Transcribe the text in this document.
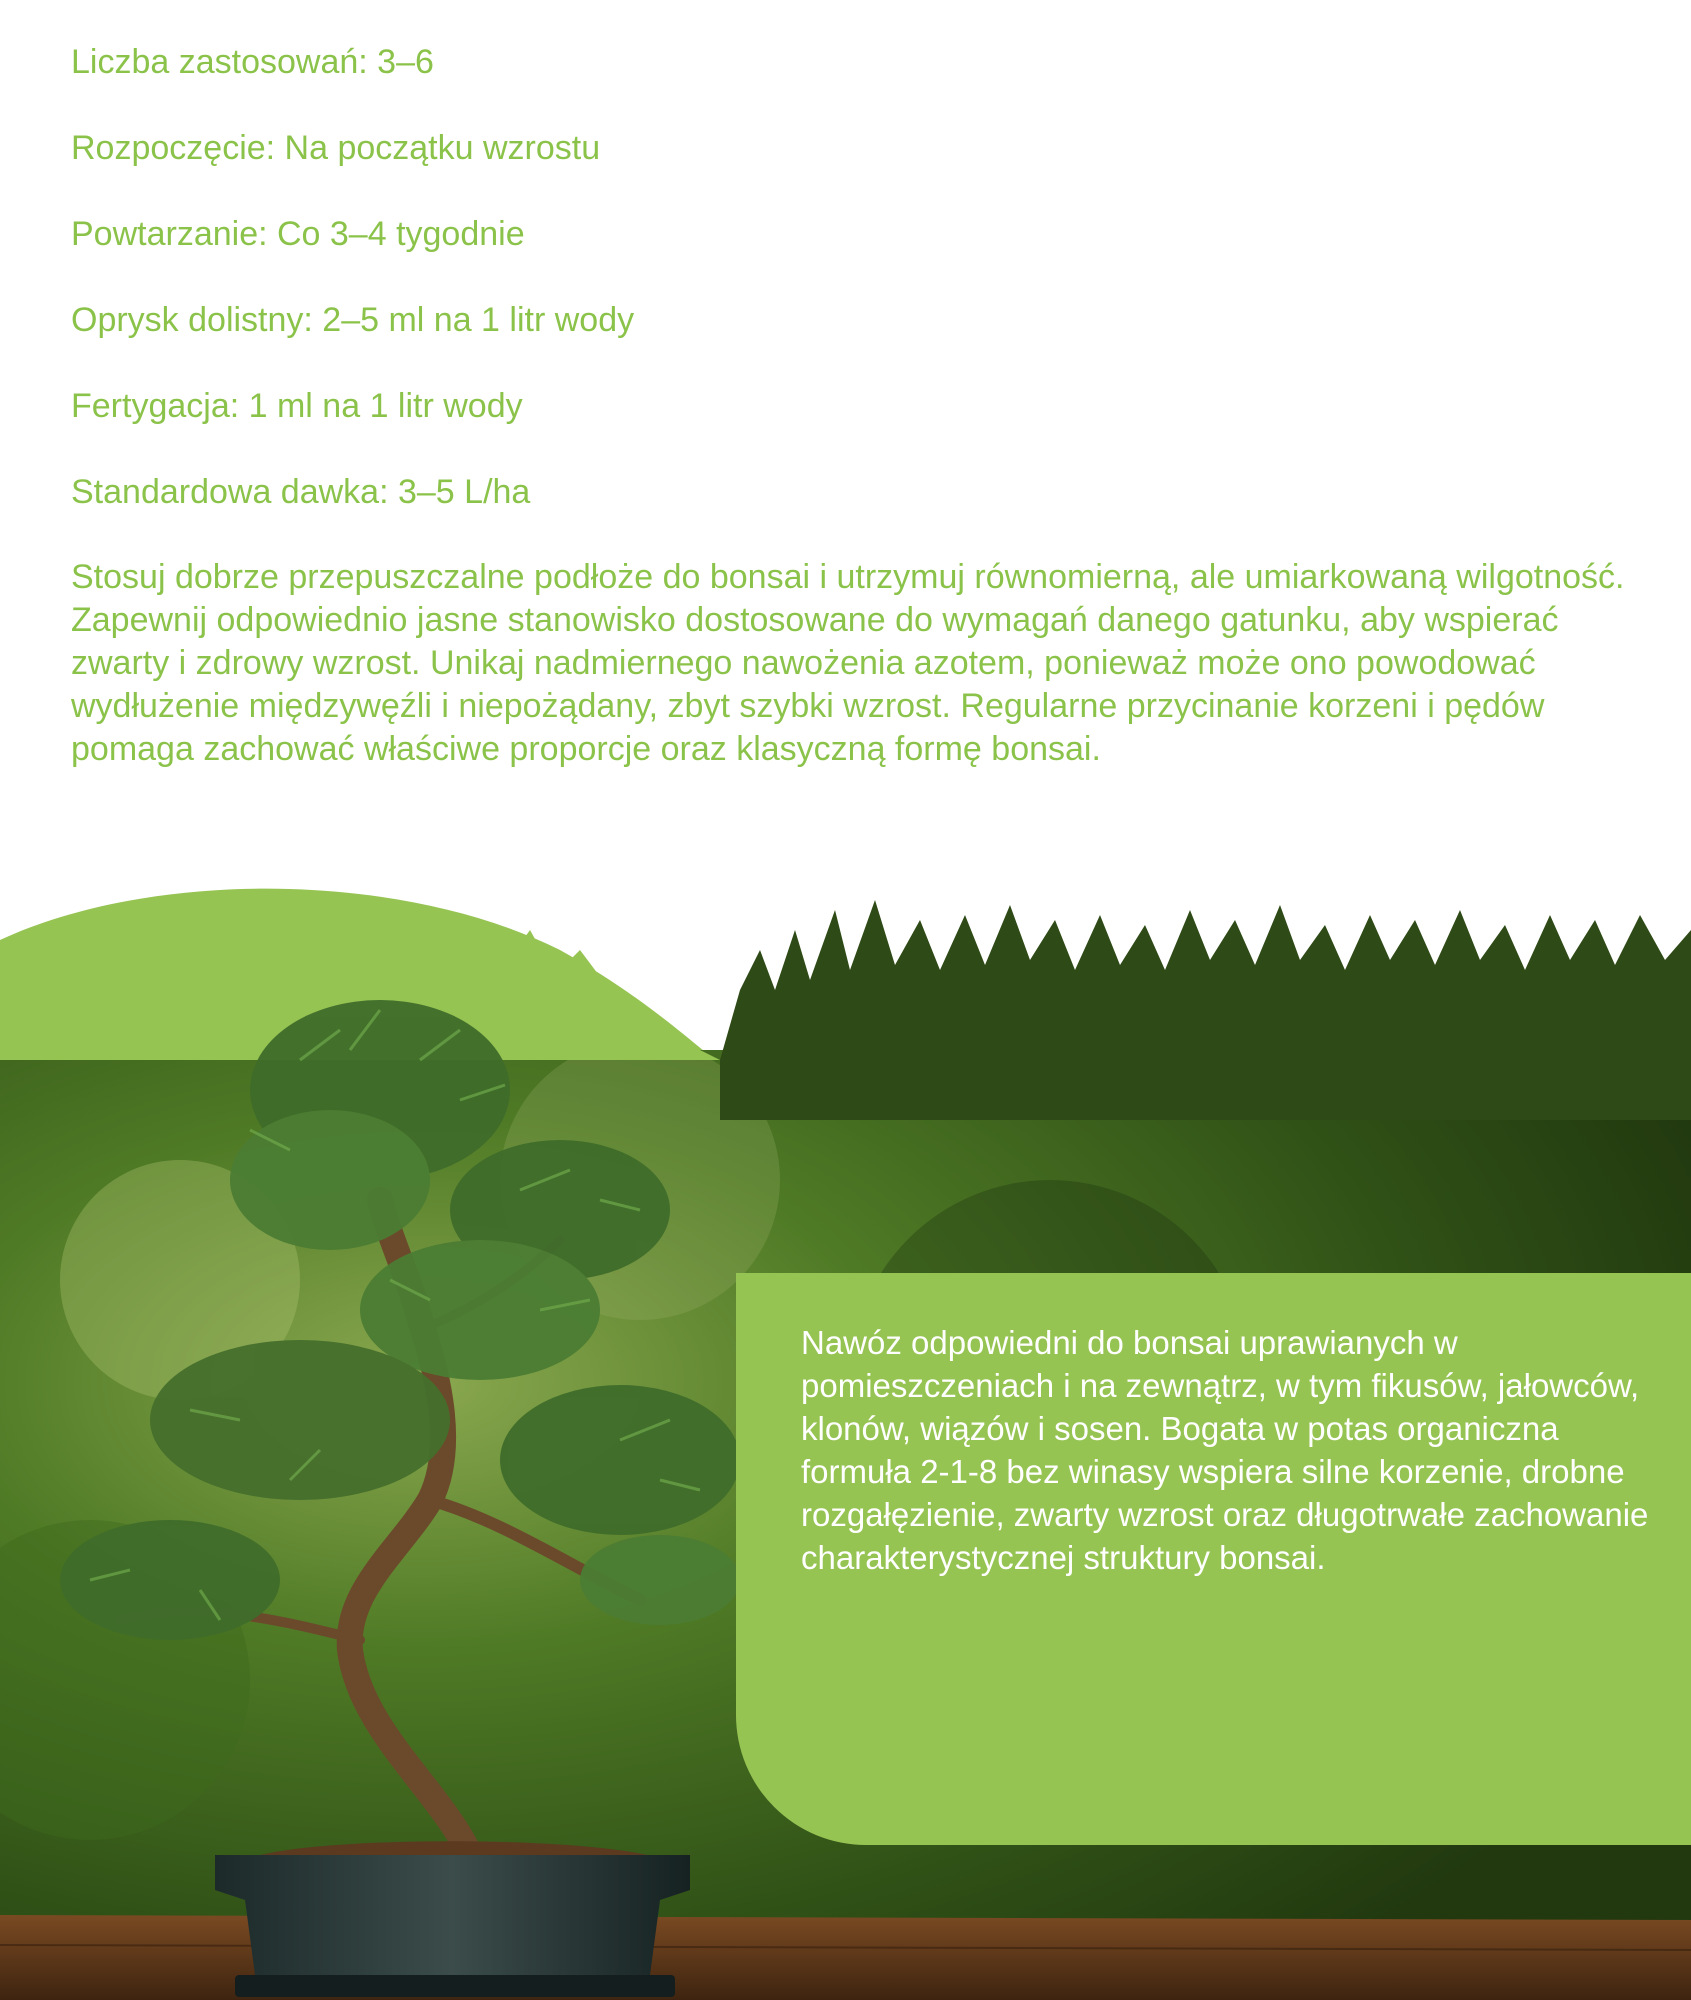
Liczba zastosowań: 3–6

Rozpoczęcie: Na początku wzrostu

Powtarzanie: Co 3–4 tygodnie

Oprysk dolistny: 2–5 ml na 1 litr wody

Fertygacja: 1 ml na 1 litr wody

Standardowa dawka: 3–5 L/ha

Stosuj dobrze przepuszczalne podłoże do bonsai i utrzymuj równomierną, ale umiarkowaną wilgotność. Zapewnij odpowiednio jasne stanowisko dostosowane do wymagań danego gatunku, aby wspierać zwarty i zdrowy wzrost. Unikaj nadmiernego nawożenia azotem, ponieważ może ono powodować wydłużenie międzywęźli i niepożądany, zbyt szybki wzrost. Regularne przycinanie korzeni i pędów pomaga zachować właściwe proporcje oraz klasyczną formę bonsai.

Nawóz odpowiedni do bonsai uprawianych w pomieszczeniach i na zewnątrz, w tym fikusów, jałowców, klonów, wiązów i sosen. Bogata w potas organiczna formuła 2-1-8 bez winasy wspiera silne korzenie, drobne rozgałęzienie, zwarty wzrost oraz długotrwałe zachowanie charakterystycznej struktury bonsai.
